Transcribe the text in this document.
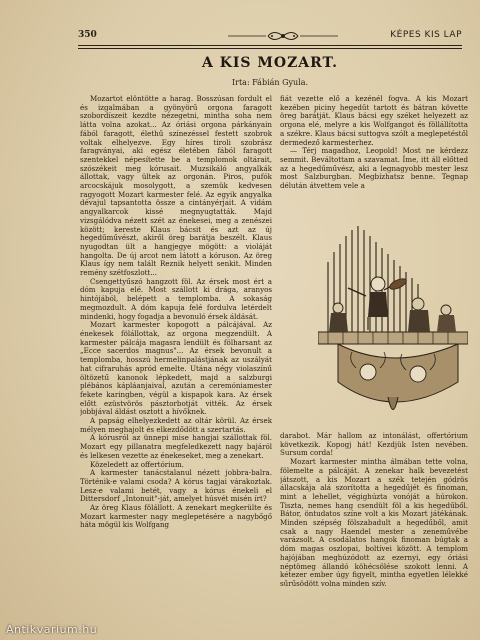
350	KÉPES KIS LAP
A KIS MOZART.
Irta: Fábián Gyula.

Mozartot elöntötte a harag. Bosszúsan fordult el és izgalmában a gyönyörű orgona faragott szobordíszeit kezdte nézegetni, mintha soha nem látta volna azokat... Az óriási orgona párkányain fából faragott, élethű színezéssel festett szobrok voltak elhelyezve. Egy híres tiroli szobrász faragványai, aki egész életében fából faragott szentekkel népesítette be a templomok oltárait, szószékeit meg kórusait. Muzsikáló angyalkák állottak, vagy ültek az orgonán. Piros, pufók arcocskájuk mosolygott, a szemük kedvesen ragyogott Mozart karmester felé. Az egyik angyalka dévajul tapsantotta össze a cintányérjait. A vidám angyalkarcok kissé megnyugtatták. Majd vizsgálódva nézett szét az énekesei, meg a zenészei között; kereste Klaus bácsit és azt az új hegedűművészt, akiről öreg barátja beszélt. Klaus nyugodtan ült a hangjegye mögött: a violáját hangolta. De új arcot nem látott a kóruson. Az öreg Klaus így nem talált Reznik helyett senkit. Minden remény szétfoszlott...

Csengettyűszó hangzott föl. Az érsek most ért a dóm kapuja elé. Most szállott ki drága, aranyos hintójából, belépett a templomba. A sokaság megmozdult. A dóm kapuja felé fordulva letérdelt mindenki, hogy fogadja a bevonuló érsek áldását.

Mozart karmester kopogott a pálcájával. Az énekesek fölállottak, az orgona megzendült. A karmester pálcája magasra lendült és fölharsant az „Ecce sacerdos magnus"... Az érsek bevonult a templomba, hosszú hermelinpalástjának az uszályát hat cifraruhás apród emelte. Utána négy violaszínű öltözetű kanonok lépkedett, majd a salzburgi plébános kápláanjaival, azután a ceremóniamester fekete karingben, végül a kispapok kara. Az érsek előtt ezüstvörös pásztorbotját vitték. Az érsek jobbjával áldást osztott a hívőknek.

A papság elhelyezkedett az oltár körül. Az érsek mélyen meghajolt és elkezdődött a szertartás.

A kórusról az ünnepi mise hangjai szállottak föl. Mozart egy pillanatra megfeledkezett nagy bajáról és lelkesen vezette az énekeseket, meg a zenekart.

Közeledett az offertórium.

A karmester tanácstalanul nézett jobbra-balra. Történik-e valami csoda? A kórus tagjai várakoztak. Lesz-e valami betét, vagy a kórus énekeli el Dittersdorf „Intonuit"-ját, amelyet húsvét misén írt?

Az öreg Klaus fölállott. A zenekart megkerülte és Mozart karmester nagy meglepetésére a nagybőgő háta mögül kis Wolfgang

fiát vezette elő a kezénél fogva. A kis Mozart kezében piciny hegedűt tartott és bátran követte öreg barátját. Klaus bácsi egy széket helyezett az orgona elé, melyre a kis Wolfgangot és föllállította a székre. Klaus bácsi suttogva szólt a meglepetéstől dermedező karmesterhez.

— Térj magadhoz, Leopold! Most ne kérdezz semmit. Beváltottam a szavamat. Íme, itt áll előtted az a hegedűművész, aki a legnagyobb mester lesz most Salzburgban. Megbízhatsz benne. Tegnap délután átvettem vele a

darabot. Már hallom az intonálást, offertórium következik. Kopogj hát! Kezdjük Isten nevében. Sursum corda!

Mozart karmester mintha álmában tette volna, fölemelte a pálcáját. A zenekar halk bevezetést játszott, a kis Mozart a szék tetején gódrös állacskája alá szorította a hegedűjét és finoman, mint a lehellet, végighúzta vonóját a húrokon. Tiszta, nemes hang csendült föl a kis hegedűből. Bátor, öntudatos színe volt a kis Mozart játékának. Minden szépség fölszabadult a hegedűből, amit csak a nagy Haendel mester a zeneművébe varázsolt. A csodálatos hangok finoman búgtak a dóm magas oszlopai, boltívei között. A templom hajójában meghúzódott az ezernyi, egy óriási néptömeg állandó köhécsölése szokott lenni. A kétezer ember úgy figyelt, mintha egyetlen lélekké sűrűsödött volna minden szív.

Antikvarium.hu
